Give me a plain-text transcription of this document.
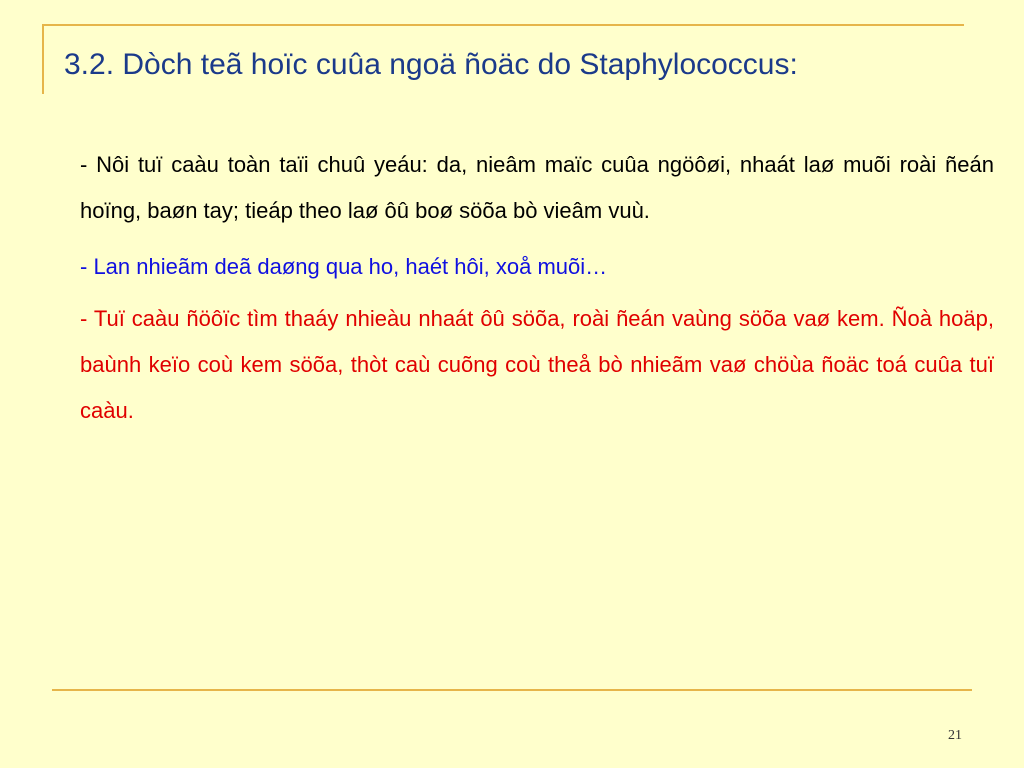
3.2. Dòch teã hoïc cuûa ngoä ñoäc do Staphylococcus:

- Nôi tuï caàu toàn taïi chuû yeáu: da, nieâm maïc cuûa ngöôøi, nhaát laø muõi roài ñeán hoïng, baøn tay; tieáp theo laø ôû boø söõa bò vieâm vuù.

- Lan nhieãm deã daøng qua ho, haét hôi, xoå muõi…

- Tuï caàu ñöôïc tìm thaáy nhieàu nhaát ôû söõa, roài ñeán vaùng söõa vaø kem. Ñoà hoäp, baùnh keïo coù kem söõa, thòt caù cuõng coù theå bò nhieãm vaø chöùa ñoäc toá cuûa tuï caàu.

21
